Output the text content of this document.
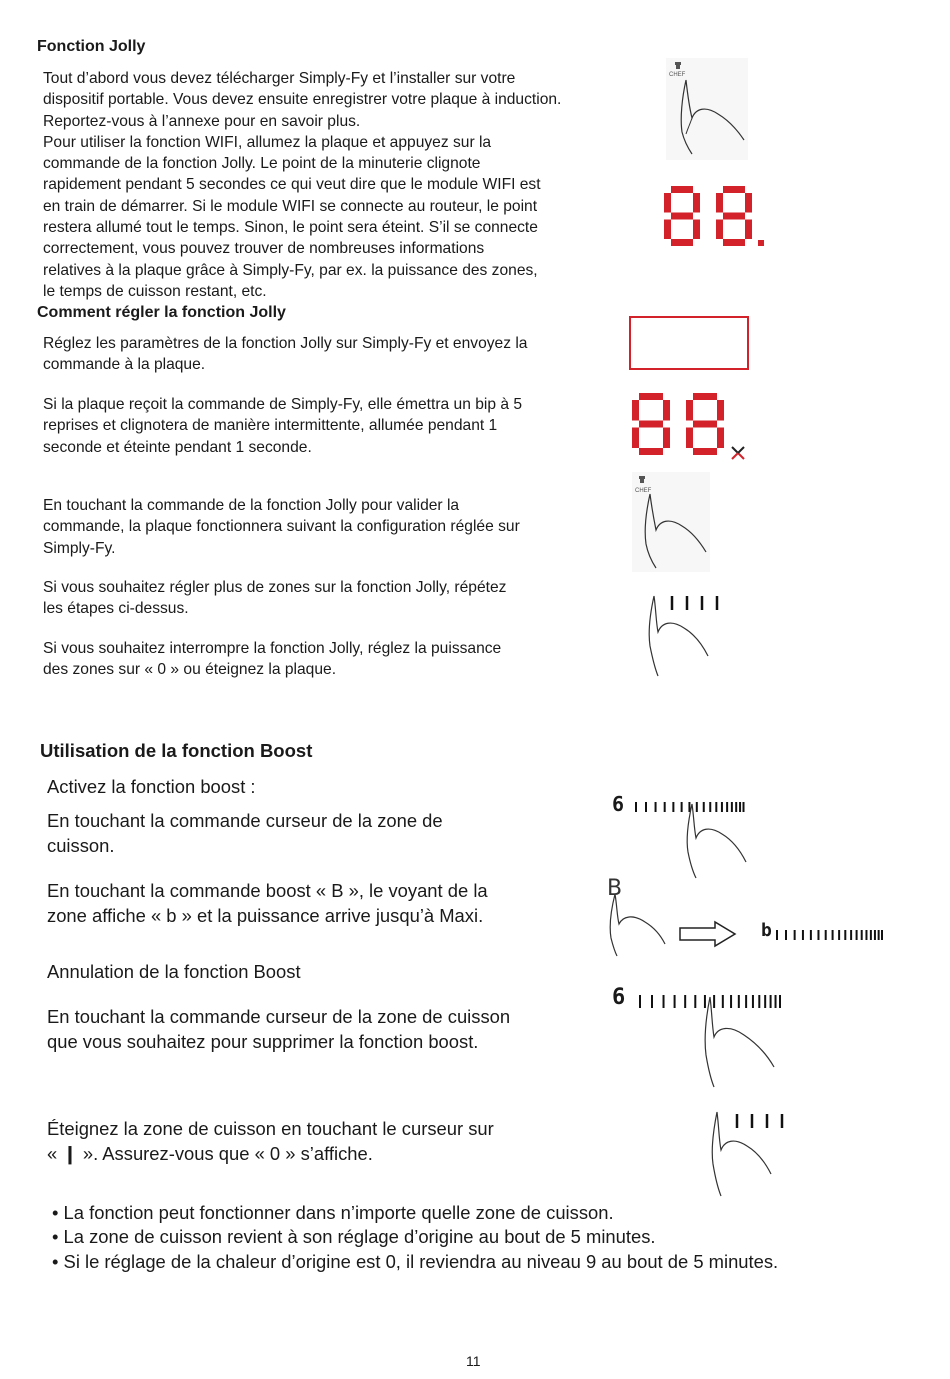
Fonction Jolly
Tout d’abord vous devez télécharger Simply-Fy et l’installer sur votre
dispositif portable. Vous devez ensuite enregistrer votre plaque à induction.
Reportez-vous à l’annexe pour en savoir plus.
Pour utiliser la fonction WIFI, allumez la plaque et appuyez sur la
commande de la fonction Jolly. Le point de la minuterie clignote
rapidement pendant 5 secondes ce qui veut dire que le module WIFI est
en train de démarrer. Si le module WIFI se connecte au routeur, le point
restera allumé tout le temps. Sinon, le point sera éteint. S’il se connecte
correctement, vous pouvez trouver de nombreuses informations
relatives à la plaque grâce à Simply-Fy, par ex. la puissance des zones,
le temps de cuisson restant, etc.
Comment régler la fonction Jolly
Réglez les paramètres de la fonction Jolly sur Simply-Fy et envoyez la
commande à la plaque.
Si la plaque reçoit la commande de Simply-Fy, elle émettra un bip à 5
reprises et clignotera de manière intermittente, allumée pendant 1
seconde et éteinte pendant 1 seconde.
En touchant la commande de la fonction Jolly pour valider la
commande, la plaque fonctionnera suivant la configuration réglée sur
Simply-Fy.
Si vous souhaitez régler plus de zones sur la fonction Jolly, répétez
les étapes ci-dessus.
Si vous souhaitez interrompre la fonction Jolly, réglez la puissance
des zones sur « 0 » ou éteignez la plaque.
CHEF
CHEF
Utilisation de la fonction Boost
Activez la fonction boost :
En touchant la commande curseur de la zone de
cuisson.
En touchant la commande boost « B », le voyant de la
zone affiche « b » et la puissance arrive jusqu’à Maxi.
Annulation de la fonction Boost
En touchant la commande curseur de la zone de cuisson
que vous souhaitez pour supprimer la fonction boost.
Éteignez la zone de cuisson en touchant le curseur sur
« ❙ ». Assurez-vous que « 0 » s’affiche.
6
B
b
6
• La fonction peut fonctionner dans n’importe quelle zone de cuisson.
• La zone de cuisson revient à son réglage d’origine au bout de 5 minutes.
• Si le réglage de la chaleur d’origine est 0, il reviendra au niveau 9 au bout de 5 minutes.
11
